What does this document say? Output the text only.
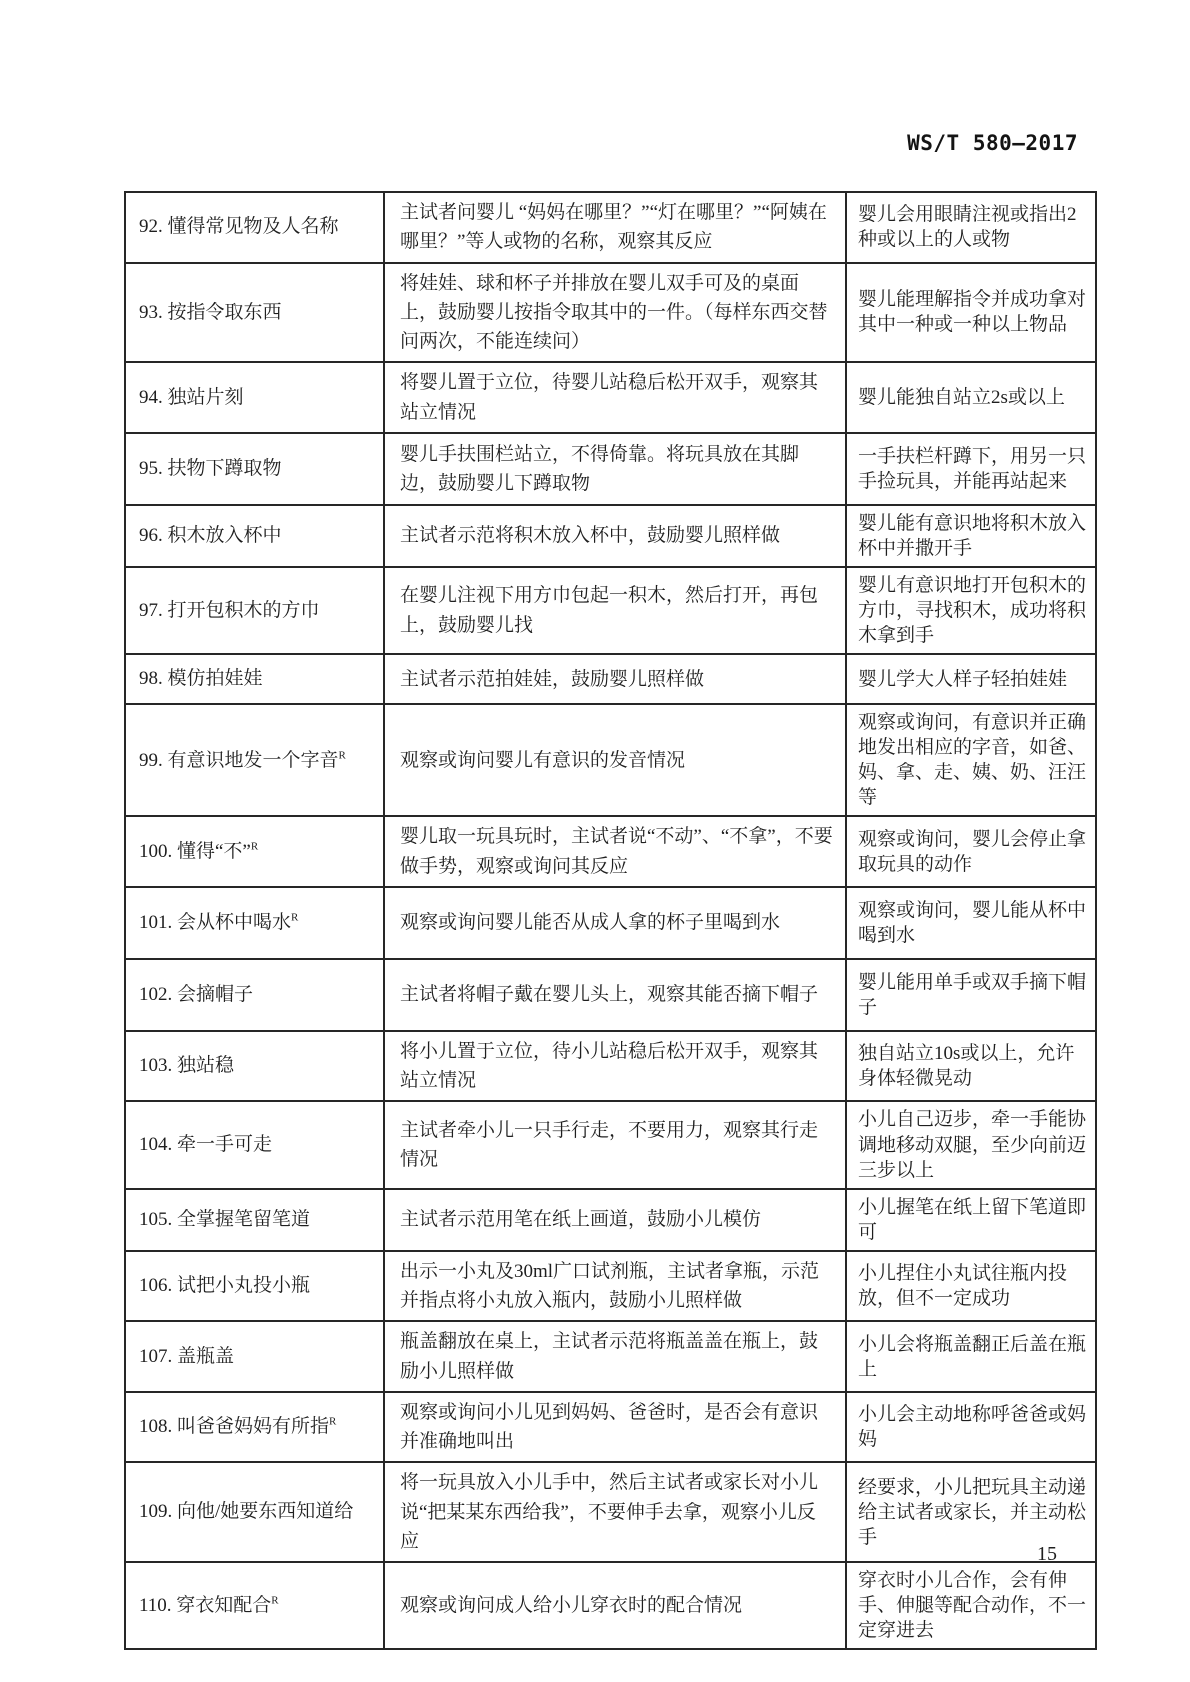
WS/T 580—2017
92. 懂得常见物及人名称	主试者问婴儿 “妈妈在哪里？”“灯在哪里？”“阿姨在哪里？”等人或物的名称，观察其反应	婴儿会用眼睛注视或指出2种或以上的人或物
93. 按指令取东西	将娃娃、球和杯子并排放在婴儿双手可及的桌面上，鼓励婴儿按指令取其中的一件。（每样东西交替问两次，不能连续问）	婴儿能理解指令并成功拿对其中一种或一种以上物品
94. 独站片刻	将婴儿置于立位，待婴儿站稳后松开双手，观察其站立情况	婴儿能独自站立2s或以上
95. 扶物下蹲取物	婴儿手扶围栏站立，不得倚靠。将玩具放在其脚边，鼓励婴儿下蹲取物	一手扶栏杆蹲下，用另一只手捡玩具，并能再站起来
96. 积木放入杯中	主试者示范将积木放入杯中，鼓励婴儿照样做	婴儿能有意识地将积木放入杯中并撒开手
97. 打开包积木的方巾	在婴儿注视下用方巾包起一积木，然后打开，再包上，鼓励婴儿找	婴儿有意识地打开包积木的方巾，寻找积木，成功将积木拿到手
98. 模仿拍娃娃	主试者示范拍娃娃，鼓励婴儿照样做	婴儿学大人样子轻拍娃娃
99. 有意识地发一个字音$^R$	观察或询问婴儿有意识的发音情况	观察或询问，有意识并正确地发出相应的字音，如爸、妈、拿、走、姨、奶、汪汪等
100. 懂得“不”$^R$	婴儿取一玩具玩时，主试者说“不动”、“不拿”，不要做手势，观察或询问其反应	观察或询问，婴儿会停止拿取玩具的动作
101. 会从杯中喝水$^R$	观察或询问婴儿能否从成人拿的杯子里喝到水	观察或询问，婴儿能从杯中喝到水
102. 会摘帽子	主试者将帽子戴在婴儿头上，观察其能否摘下帽子	婴儿能用单手或双手摘下帽子
103. 独站稳	将小儿置于立位，待小儿站稳后松开双手，观察其站立情况	独自站立10s或以上，允许身体轻微晃动
104. 牵一手可走	主试者牵小儿一只手行走，不要用力，观察其行走情况	小儿自己迈步，牵一手能协调地移动双腿，至少向前迈三步以上
105. 全掌握笔留笔道	主试者示范用笔在纸上画道，鼓励小儿模仿	小儿握笔在纸上留下笔道即可
106. 试把小丸投小瓶	出示一小丸及30ml广口试剂瓶，主试者拿瓶，示范并指点将小丸放入瓶内，鼓励小儿照样做	小儿捏住小丸试往瓶内投放，但不一定成功
107. 盖瓶盖	瓶盖翻放在桌上，主试者示范将瓶盖盖在瓶上，鼓励小儿照样做	小儿会将瓶盖翻正后盖在瓶上
108. 叫爸爸妈妈有所指$^R$	观察或询问小儿见到妈妈、爸爸时，是否会有意识并准确地叫出	小儿会主动地称呼爸爸或妈妈
109. 向他/她要东西知道给	将一玩具放入小儿手中，然后主试者或家长对小儿说“把某某东西给我”，不要伸手去拿，观察小儿反应	经要求，小儿把玩具主动递给主试者或家长，并主动松手
110. 穿衣知配合$^R$	观察或询问成人给小儿穿衣时的配合情况	穿衣时小儿合作，会有伸手、伸腿等配合动作，不一定穿进去
15
